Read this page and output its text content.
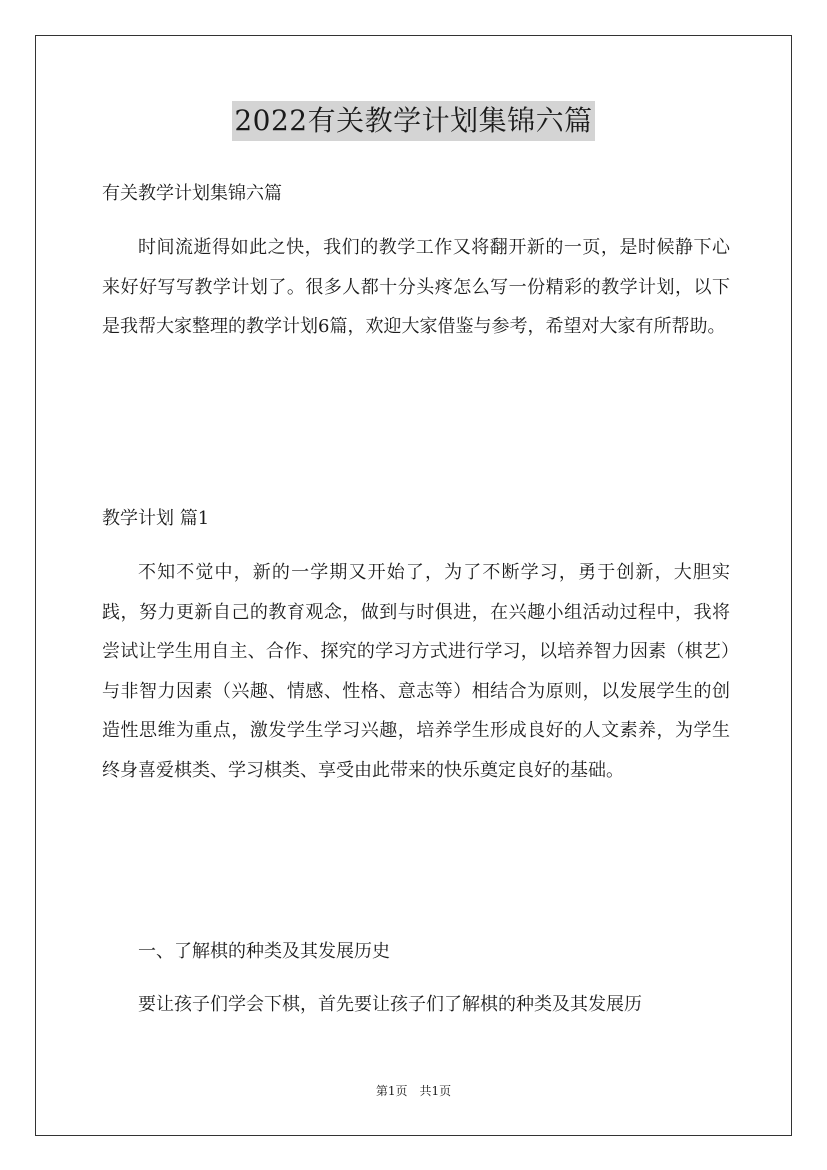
2022有关教学计划集锦六篇

有关教学计划集锦六篇

时间流逝得如此之快，我们的教学工作又将翻开新的一页，是时候静下心来好好写写教学计划了。很多人都十分头疼怎么写一份精彩的教学计划，以下是我帮大家整理的教学计划6篇，欢迎大家借鉴与参考，希望对大家有所帮助。

教学计划 篇1

不知不觉中，新的一学期又开始了，为了不断学习，勇于创新，大胆实践，努力更新自己的教育观念，做到与时俱进，在兴趣小组活动过程中，我将尝试让学生用自主、合作、探究的学习方式进行学习，以培养智力因素（棋艺）与非智力因素（兴趣、情感、性格、意志等）相结合为原则，以发展学生的创造性思维为重点，激发学生学习兴趣，培养学生形成良好的人文素养，为学生终身喜爱棋类、学习棋类、享受由此带来的快乐奠定良好的基础。

一、了解棋的种类及其发展历史

要让孩子们学会下棋，首先要让孩子们了解棋的种类及其发展历

第1页　共1页
